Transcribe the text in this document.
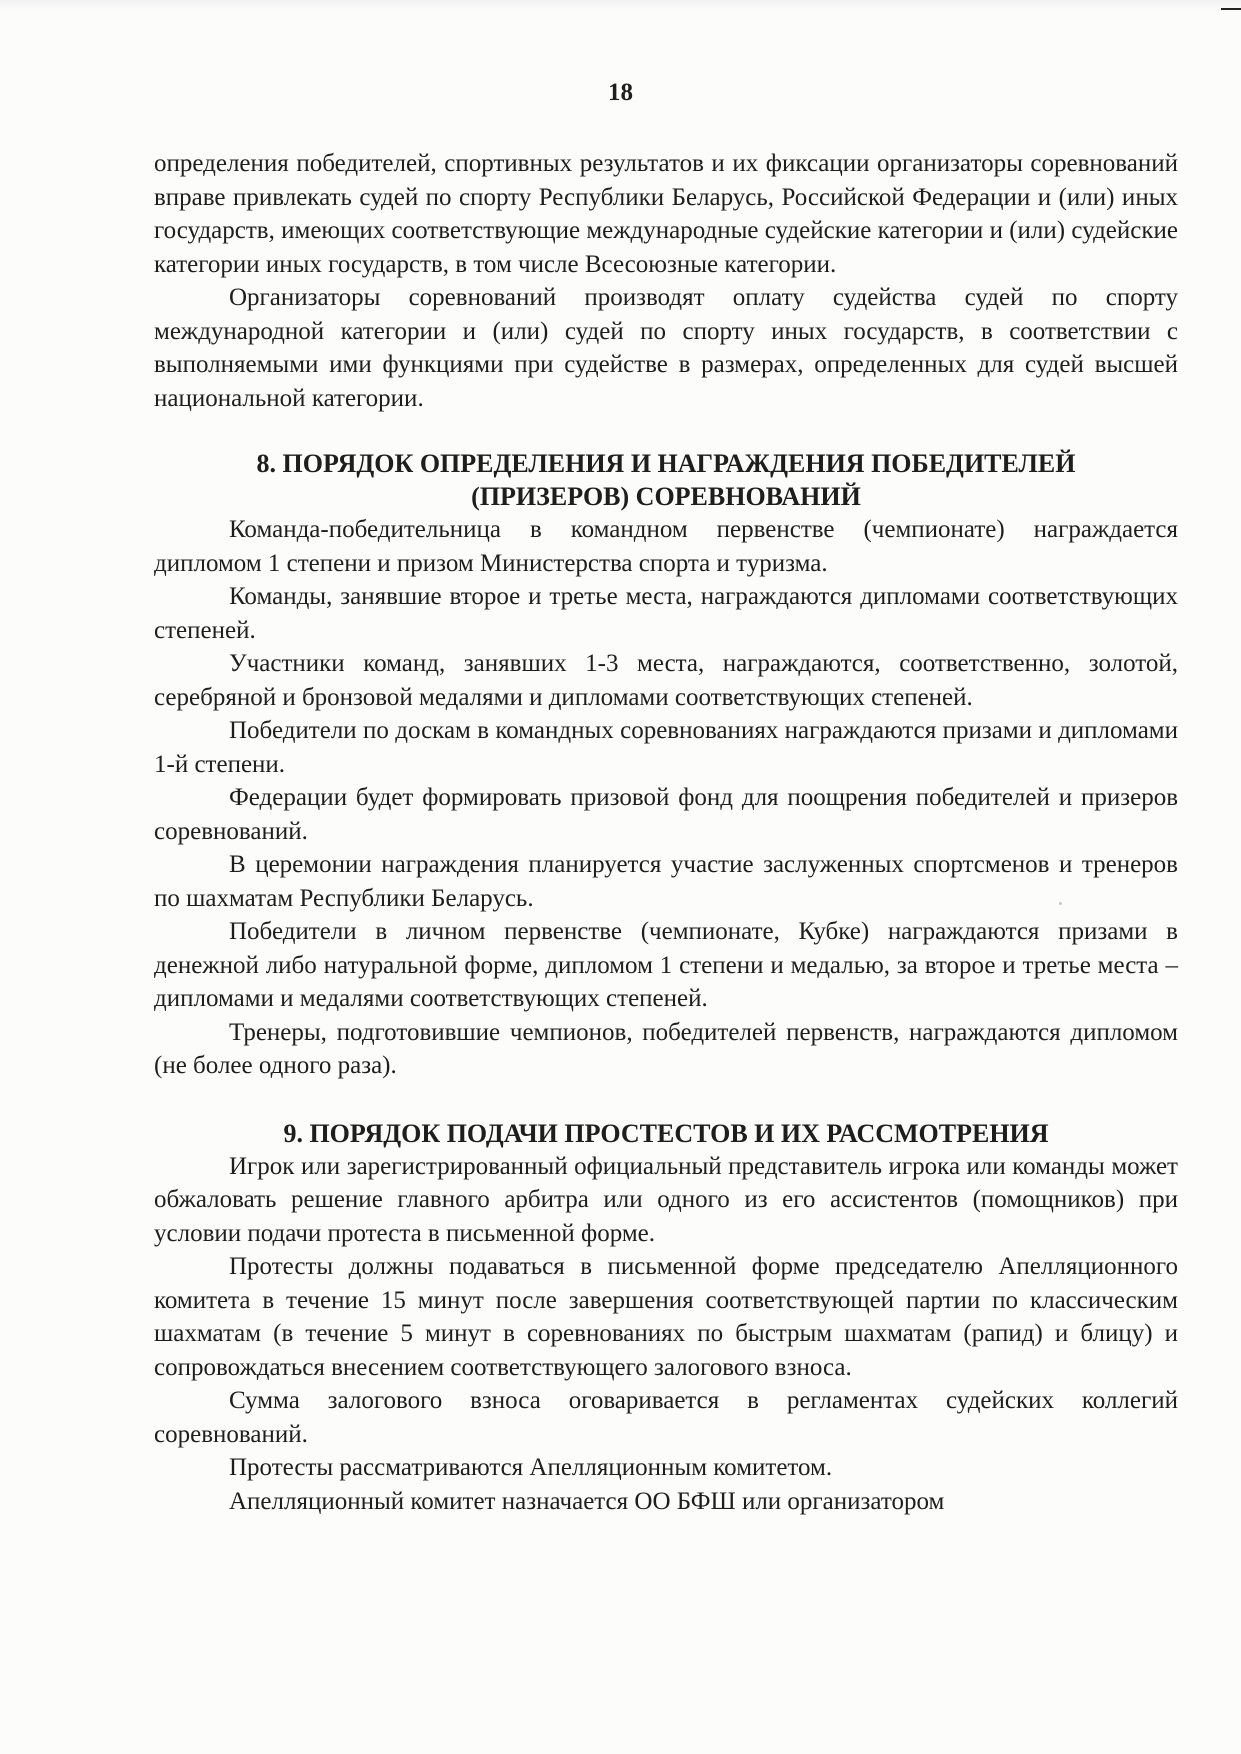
18

определения победителей, спортивных результатов и их фиксации организаторы соревнований вправе привлекать судей по спорту Республики Беларусь, Российской Федерации и (или) иных государств, имеющих соответствующие международные судейские категории и (или) судейские категории иных государств, в том числе Всесоюзные категории.

Организаторы соревнований производят оплату судейства судей по спорту международной категории и (или) судей по спорту иных государств, в соответствии с выполняемыми ими функциями при судействе в размерах, определенных для судей высшей национальной категории.

8. ПОРЯДОК ОПРЕДЕЛЕНИЯ И НАГРАЖДЕНИЯ ПОБЕДИТЕЛЕЙ
(ПРИЗЕРОВ) СОРЕВНОВАНИЙ

Команда-победительница в командном первенстве (чемпионате) награждается дипломом 1 степени и призом Министерства спорта и туризма.

Команды, занявшие второе и третье места, награждаются дипломами соответствующих степеней.

Участники команд, занявших 1-3 места, награждаются, соответственно, золотой, серебряной и бронзовой медалями и дипломами соответствующих степеней.

Победители по доскам в командных соревнованиях награждаются призами и дипломами 1-й степени.

Федерации будет формировать призовой фонд для поощрения победителей и призеров соревнований.

В церемонии награждения планируется участие заслуженных спортсменов и тренеров по шахматам Республики Беларусь.

Победители в личном первенстве (чемпионате, Кубке) награждаются призами в денежной либо натуральной форме, дипломом 1 степени и медалью, за второе и третье места – дипломами и медалями соответствующих степеней.

Тренеры, подготовившие чемпионов, победителей первенств, награждаются дипломом (не более одного раза).

9. ПОРЯДОК ПОДАЧИ ПРОСТЕСТОВ И ИХ РАССМОТРЕНИЯ

Игрок или зарегистрированный официальный представитель игрока или команды может обжаловать решение главного арбитра или одного из его ассистентов (помощников) при условии подачи протеста в письменной форме.

Протесты должны подаваться в письменной форме председателю Апелляционного комитета в течение 15 минут после завершения соответствующей партии по классическим шахматам (в течение 5 минут в соревнованиях по быстрым шахматам (рапид) и блицу) и сопровождаться внесением соответствующего залогового взноса.

Сумма залогового взноса оговаривается в регламентах судейских коллегий соревнований.

Протесты рассматриваются Апелляционным комитетом.

Апелляционный комитет назначается ОО БФШ или организатором
